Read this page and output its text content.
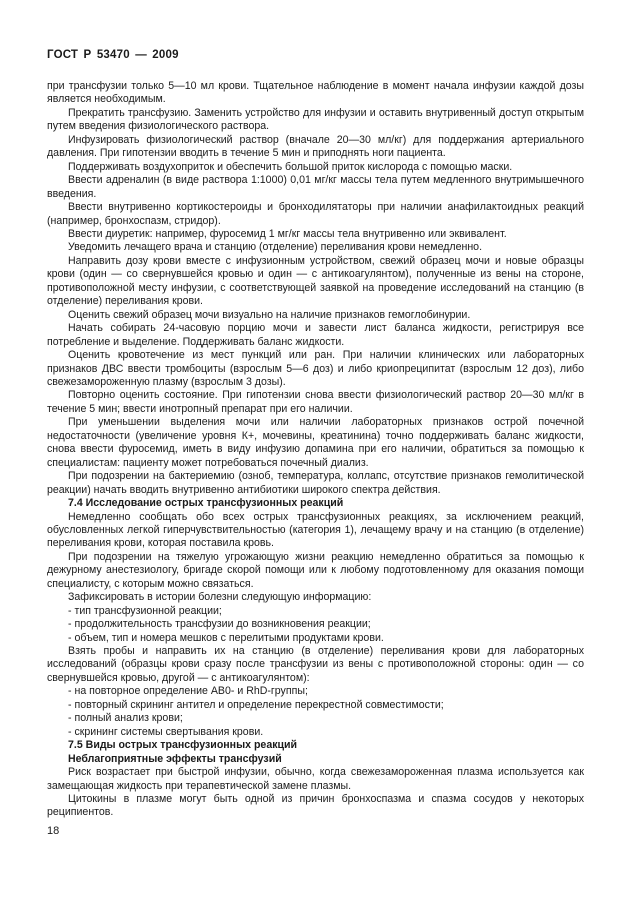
ГОСТ Р 53470 — 2009

при трансфузии только 5—10 мл крови. Тщательное наблюдение в момент начала инфузии каждой дозы является необходимым.

Прекратить трансфузию. Заменить устройство для инфузии и оставить внутривенный доступ открытым путем введения физиологического раствора.

Инфузировать физиологический раствор (вначале 20—30 мл/кг) для поддержания артериального давления. При гипотензии вводить в течение 5 мин и приподнять ноги пациента.

Поддерживать воздухоприток и обеспечить большой приток кислорода с помощью маски.

Ввести адреналин (в виде раствора 1:1000) 0,01 мг/кг массы тела путем медленного внутримышечного введения.

Ввести внутривенно кортикостероиды и бронходилятаторы при наличии анафилактоидных реакций (например, бронхоспазм, стридор).

Ввести диуретик: например, фуросемид 1 мг/кг массы тела внутривенно или эквивалент.

Уведомить лечащего врача и станцию (отделение) переливания крови немедленно.

Направить дозу крови вместе с инфузионным устройством, свежий образец мочи и новые образцы крови (один — со свернувшейся кровью и один — с антикоагулянтом), полученные из вены на стороне, противоположной месту инфузии, с соответствующей заявкой на проведение исследований на станцию (в отделение) переливания крови.

Оценить свежий образец мочи визуально на наличие признаков гемоглобинурии.

Начать собирать 24-часовую порцию мочи и завести лист баланса жидкости, регистрируя все потребление и выделение. Поддерживать баланс жидкости.

Оценить кровотечение из мест пункций или ран. При наличии клинических или лабораторных признаков ДВС ввести тромбоциты (взрослым 5—6 доз) и либо криопреципитат (взрослым 12 доз), либо свежезамороженную плазму (взрослым 3 дозы).

Повторно оценить состояние. При гипотензии снова ввести физиологический раствор 20—30 мл/кг в течение 5 мин; ввести инотропный препарат при его наличии.

При уменьшении выделения мочи или наличии лабораторных признаков острой почечной недостаточности (увеличение уровня К+, мочевины, креатинина) точно поддерживать баланс жидкости, снова ввести фуросемид, иметь в виду инфузию допамина при его наличии, обратиться за помощью к специалистам: пациенту может потребоваться почечный диализ.

При подозрении на бактериемию (озноб, температура, коллапс, отсутствие признаков гемолитической реакции) начать вводить внутривенно антибиотики широкого спектра действия.

7.4 Исследование острых трансфузионных реакций

Немедленно сообщать обо всех острых трансфузионных реакциях, за исключением реакций, обусловленных легкой гиперчувствительностью (категория 1), лечащему врачу и на станцию (в отделение) переливания крови, которая поставила кровь.

При подозрении на тяжелую угрожающую жизни реакцию немедленно обратиться за помощью к дежурному анестезиологу, бригаде скорой помощи или к любому подготовленному для оказания помощи специалисту, с которым можно связаться.

Зафиксировать в истории болезни следующую информацию:

- тип трансфузионной реакции;

- продолжительность трансфузии до возникновения реакции;

- объем, тип и номера мешков с перелитыми продуктами крови.

Взять пробы и направить их на станцию (в отделение) переливания крови для лабораторных исследований (образцы крови сразу после трансфузии из вены с противоположной стороны: один — со свернувшейся кровью, другой — с антикоагулянтом):

- на повторное определение АВ0- и RhD-группы;

- повторный скрининг антител и определение перекрестной совместимости;

- полный анализ крови;

- скрининг системы свертывания крови.

7.5 Виды острых трансфузионных реакций

Неблагоприятные эффекты трансфузий

Риск возрастает при быстрой инфузии, обычно, когда свежезамороженная плазма используется как замещающая жидкость при терапевтической замене плазмы.

Цитокины в плазме могут быть одной из причин бронхоспазма и спазма сосудов у некоторых реципиентов.

18
